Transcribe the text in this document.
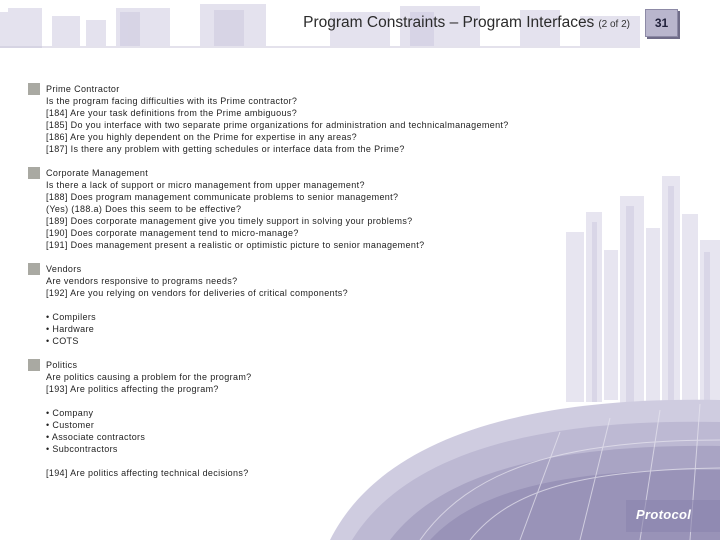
Program Constraints – Program Interfaces (2 of 2)	31
Prime Contractor
Is the program facing difficulties with its Prime contractor?
[184] Are your task definitions from the Prime ambiguous?
[185] Do you interface with two separate prime organizations for administration and technicalmanagement?
[186] Are you highly dependent on the Prime for expertise in any areas?
[187] Is there any problem with getting schedules or interface data from the Prime?
Corporate Management
Is there a lack of support or micro management from upper management?
[188] Does program management communicate problems to senior management?
(Yes) (188.a) Does this seem to be effective?
[189] Does corporate management give you timely support in solving your problems?
[190] Does corporate management tend to micro-manage?
[191] Does management present a realistic or optimistic picture to senior management?
Vendors
Are vendors responsive to programs needs?
[192] Are you relying on vendors for deliveries of critical components?
• Compilers
• Hardware
• COTS
Politics
Are politics causing a problem for the program?
[193] Are politics affecting the program?
• Company
• Customer
• Associate contractors
• Subcontractors
[194] Are politics affecting technical decisions?
Protocol
